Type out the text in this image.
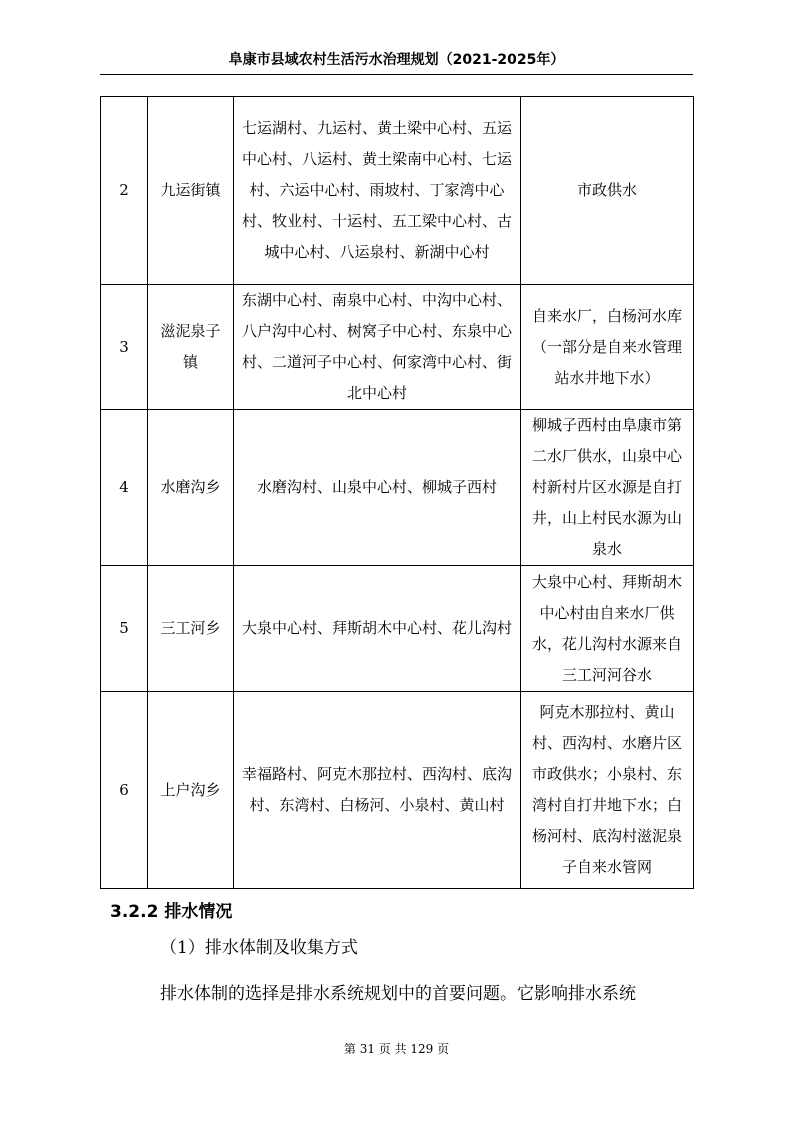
阜康市县域农村生活污水治理规划（2021-2025年）
2	九运街镇	七运湖村、九运村、黄土梁中心村、五运中心村、八运村、黄土梁南中心村、七运村、六运中心村、雨坡村、丁家湾中心村、牧业村、十运村、五工梁中心村、古城中心村、八运泉村、新湖中心村	市政供水
3	滋泥泉子镇	东湖中心村、南泉中心村、中沟中心村、八户沟中心村、树窝子中心村、东泉中心村、二道河子中心村、何家湾中心村、街北中心村	自来水厂，白杨河水库（一部分是自来水管理站水井地下水）
4	水磨沟乡	水磨沟村、山泉中心村、柳城子西村	柳城子西村由阜康市第二水厂供水，山泉中心村新村片区水源是自打井，山上村民水源为山泉水
5	三工河乡	大泉中心村、拜斯胡木中心村、花儿沟村	大泉中心村、拜斯胡木中心村由自来水厂供水，花儿沟村水源来自三工河河谷水
6	上户沟乡	幸福路村、阿克木那拉村、西沟村、底沟村、东湾村、白杨河、小泉村、黄山村	阿克木那拉村、黄山村、西沟村、水磨片区市政供水；小泉村、东湾村自打井地下水；白杨河村、底沟村滋泥泉子自来水管网
3.2.2 排水情况
（1）排水体制及收集方式
排水体制的选择是排水系统规划中的首要问题。它影响排水系统
第 31 页 共 129 页
